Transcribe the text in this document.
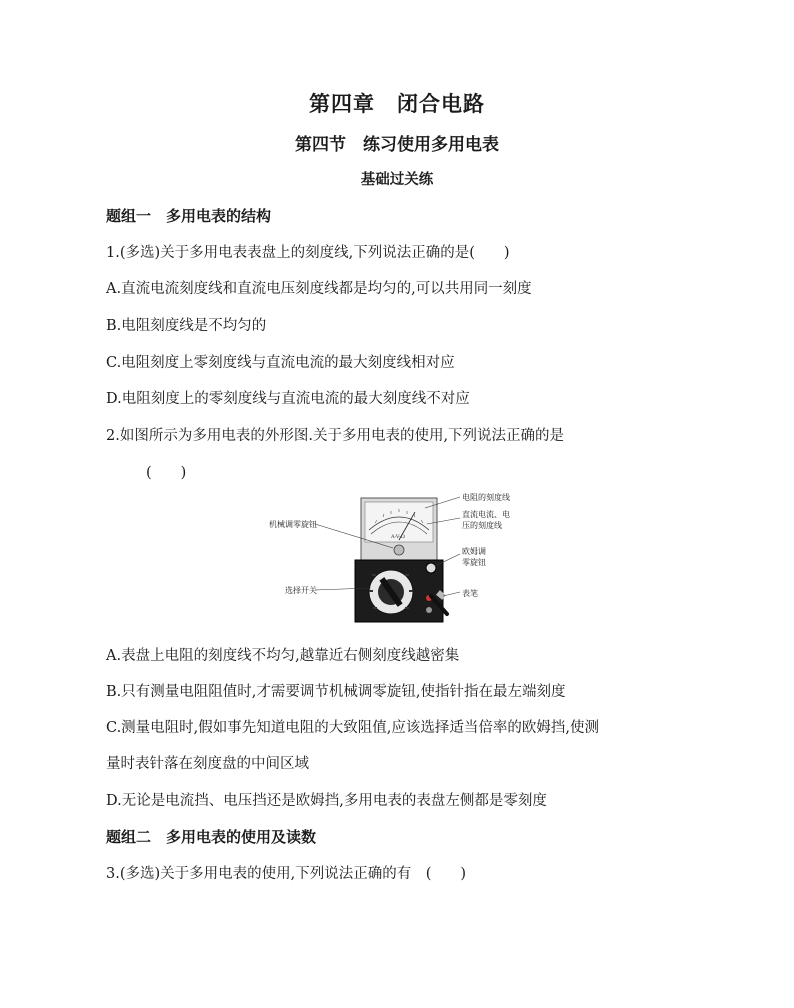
第四章　闭合电路
第四节　练习使用多用电表
基础过关练
题组一　多用电表的结构
1.(多选)关于多用电表表盘上的刻度线,下列说法正确的是(　　)
A.直流电流刻度线和直流电压刻度线都是均匀的,可以共用同一刻度
B.电阻刻度线是不均匀的
C.电阻刻度上零刻度线与直流电流的最大刻度线相对应
D.电阻刻度上的零刻度线与直流电流的最大刻度线不对应
2.如图所示为多用电表的外形图.关于多用电表的使用,下列说法正确的是
(　　)
A-V-Ω
电阻的刻度线
直流电流、电
压的刻度线
机械调零旋钮
欧姆调
零旋钮
选择开关	表笔
A.表盘上电阻的刻度线不均匀,越靠近右侧刻度线越密集
B.只有测量电阻阻值时,才需要调节机械调零旋钮,使指针指在最左端刻度
C.测量电阻时,假如事先知道电阻的大致阻值,应该选择适当倍率的欧姆挡,使测
量时表针落在刻度盘的中间区域
D.无论是电流挡、电压挡还是欧姆挡,多用电表的表盘左侧都是零刻度
题组二　多用电表的使用及读数
3.(多选)关于多用电表的使用,下列说法正确的有　(　　)
